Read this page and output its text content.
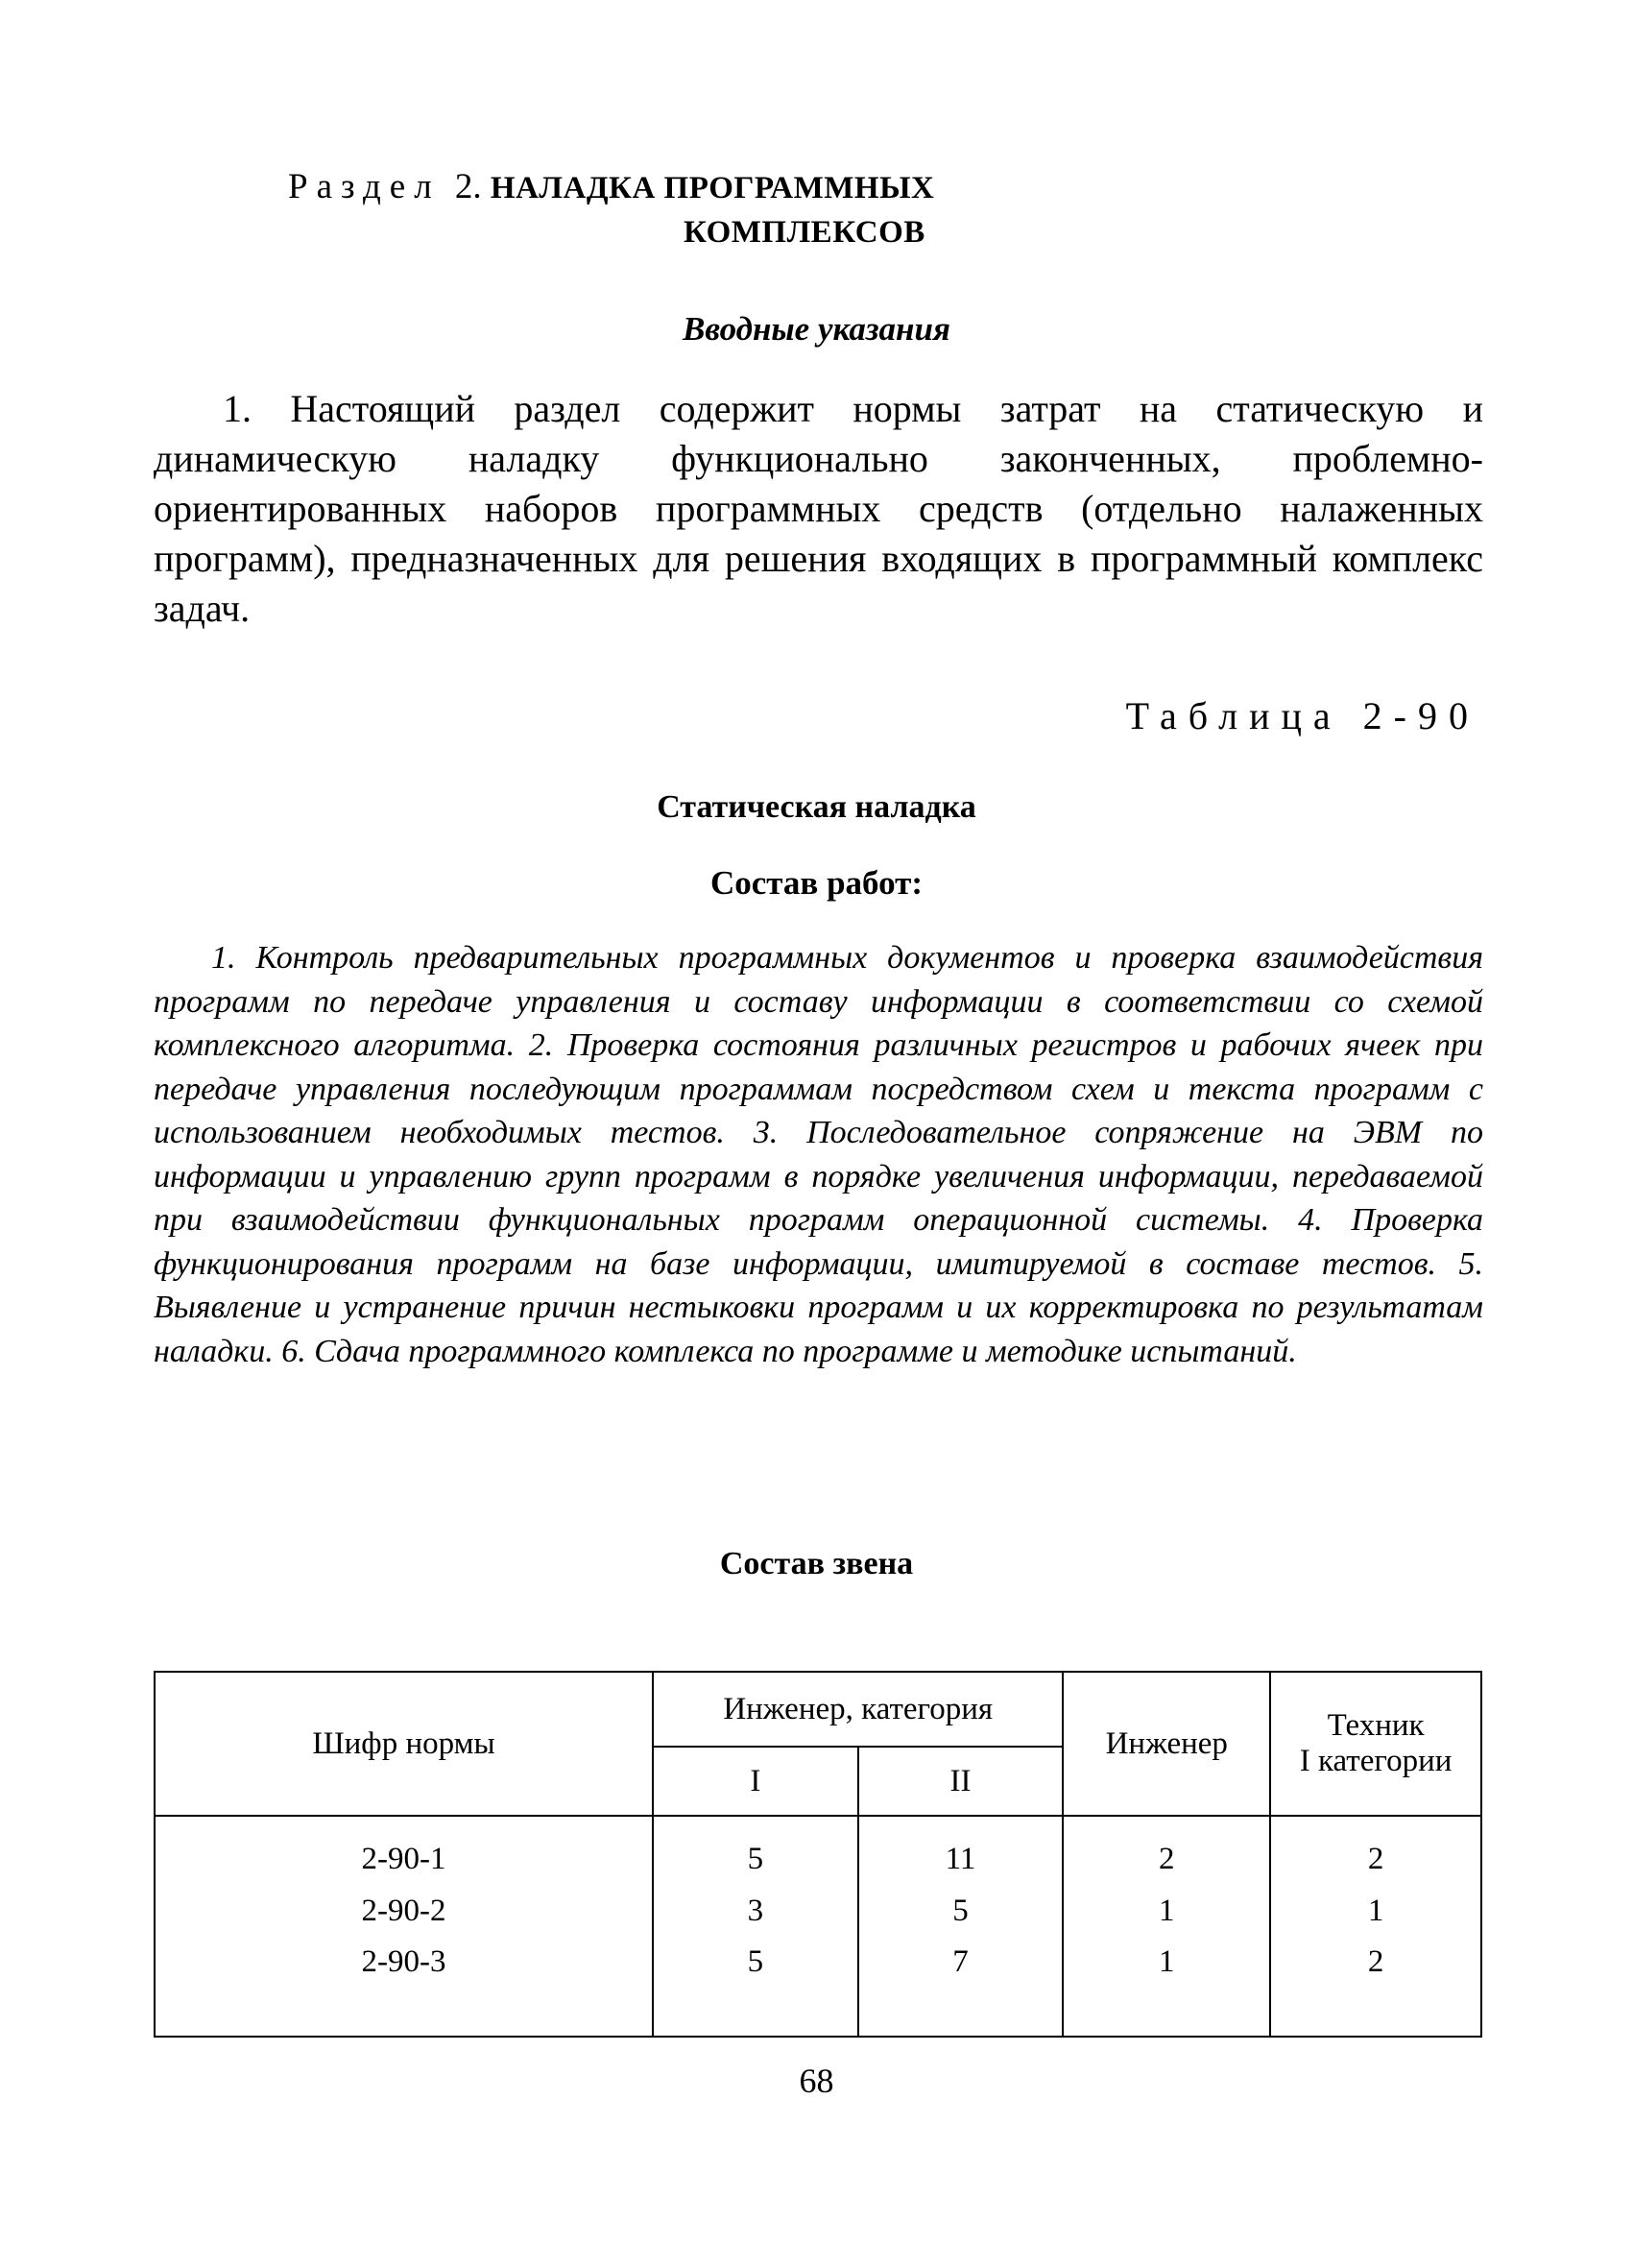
Раздел 2. НАЛАДКА ПРОГРАММНЫХ
КОМПЛЕКСОВ
Вводные указания
1. Настоящий раздел содержит нормы затрат на статическую и динамическую наладку функционально законченных, проблемно-ориентированных наборов программных средств (отдельно налаженных программ), предназначенных для решения входящих в программный комплекс задач.
Таблица 2-90
Статическая наладка
Состав работ:
1. Контроль предварительных программных документов и проверка взаимодействия программ по передаче управления и составу информации в соответствии со схемой комплексного алгоритма. 2. Проверка состояния различных регистров и рабочих ячеек при передаче управления последующим программам посредством схем и текста программ с использованием необходимых тестов. 3. Последовательное сопряжение на ЭВМ по информации и управлению групп программ в порядке увеличения информации, передаваемой при взаимодействии функциональных программ операционной системы. 4. Проверка функционирования программ на базе информации, имитируемой в составе тестов. 5. Выявление и устранение причин нестыковки программ и их корректировка по результатам наладки. 6. Сдача программного комплекса по программе и методике испытаний.
Состав звена
Шифр нормы	Инженер, категория		Инженер	Техник
I категории

	I	II		
2-90-1	5	11	2	2
2-90-2	3	5	1	1
2-90-3	5	7	1	2
68
